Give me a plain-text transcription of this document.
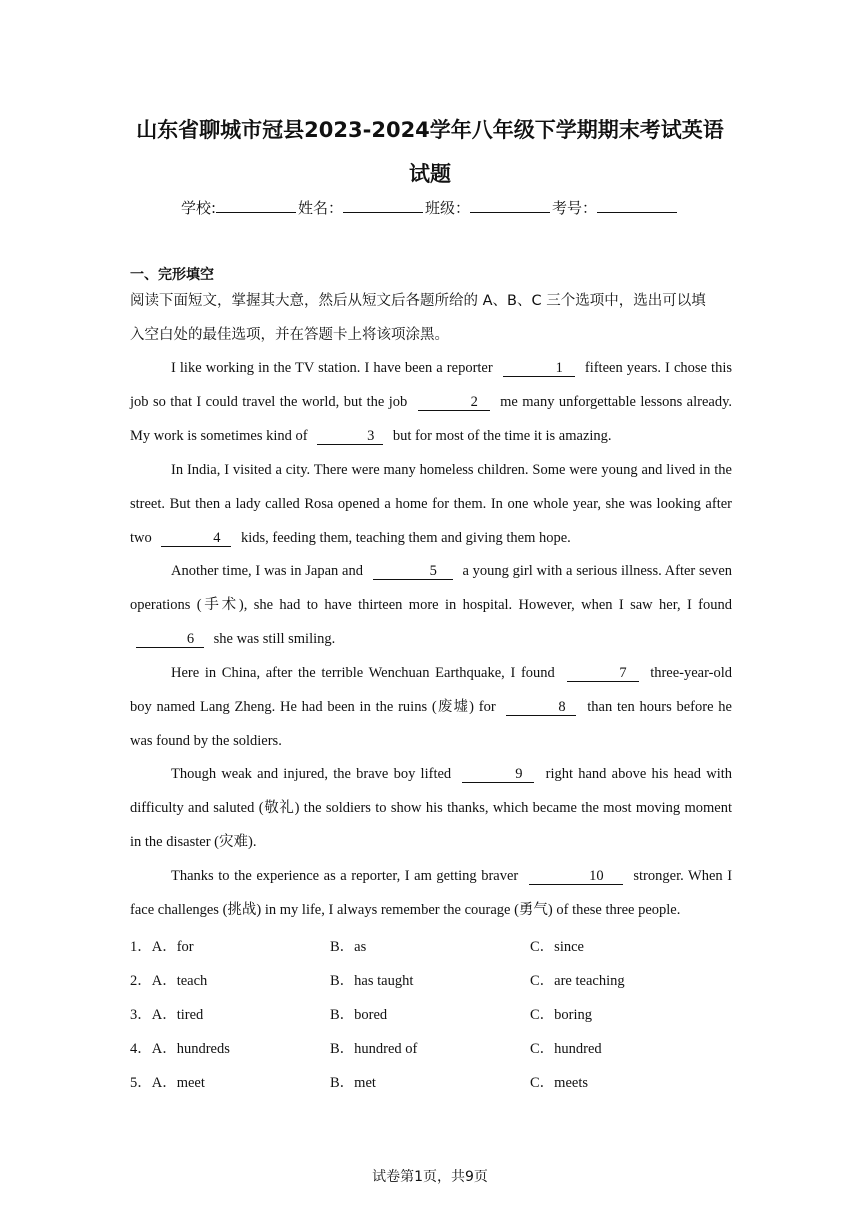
山东省聊城市冠县2023-2024学年八年级下学期期末考试英语
试题
学校:	姓名：	班级：	考号：
一、完形填空
阅读下面短文，掌握其大意，然后从短文后各题所给的 A、B、C 三个选项中，选出可以填
入空白处的最佳选项，并在答题卡上将该项涂黑。
I like working in the TV station. I have been a reporter	1 fifteen years. I chose this job so that I could travel the world, but the job	2 me many unforgettable lessons already. My work is sometimes kind of	3 but for most of the time it is amazing.
In India, I visited a city. There were many homeless children. Some were young and lived in the street. But then a lady called Rosa opened a home for them. In one whole year, she was looking after two	4 kids, feeding them, teaching them and giving them hope.
Another time, I was in Japan and	5 a young girl with a serious illness. After seven operations (手术), she had to have thirteen more in hospital. However, when I saw her, I found 6 she was still smiling.
Here in China, after the terrible Wenchuan Earthquake, I found	7 three-year-old boy named Lang Zheng. He had been in the ruins (废墟) for	8 than ten hours before he was found by the soldiers.
Though weak and injured, the brave boy lifted	9 right hand above his head with difficulty and saluted (敬礼) the soldiers to show his thanks, which became the most moving moment in the disaster (灾难).
Thanks to the experience as a reporter, I am getting braver	10 stronger. When I face challenges (挑战) in my life, I always remember the courage (勇气) of these three people.
1．A．for	B．as	C．since
2．A．teach	B．has taught	C．are teaching
3．A．tired	B．bored	C．boring
4．A．hundreds	B．hundred of	C．hundred
5．A．meet	B．met	C．meets
试卷第1页，共9页
